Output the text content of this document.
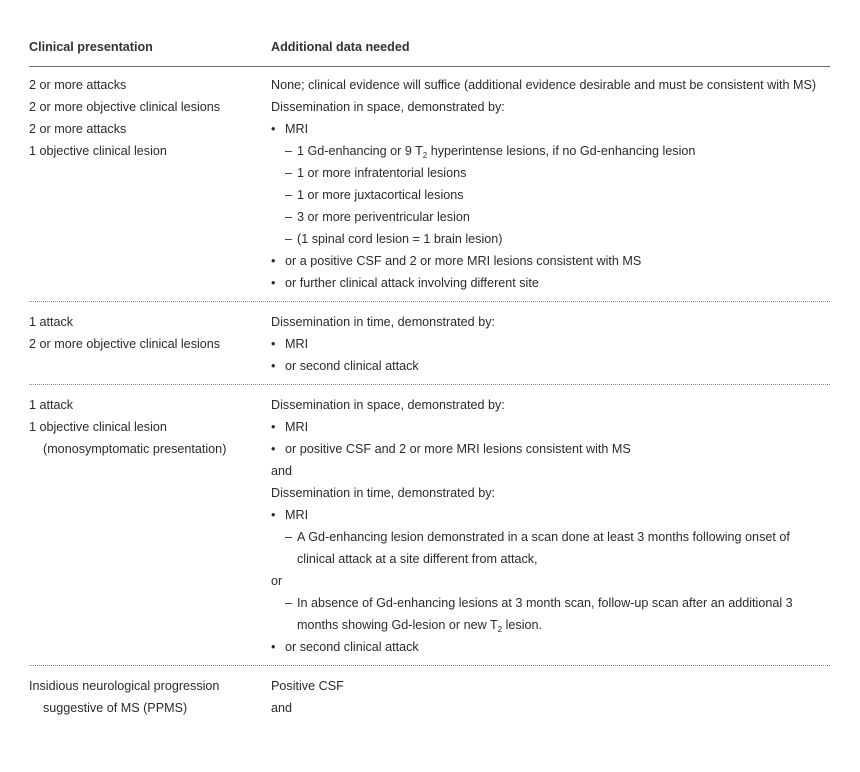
Clinical presentation	Additional data needed
2 or more attacks
2 or more objective clinical lesions
2 or more attacks
1 objective clinical lesion
None; clinical evidence will suffice (additional evidence desirable and must be consistent with MS)
Dissemination in space, demonstrated by:
• MRI
– 1 Gd-enhancing or 9 $T_2$ hyperintense lesions, if no Gd-enhancing lesion
– 1 or more infratentorial lesions
– 1 or more juxtacortical lesions
– 3 or more periventricular lesion
– (1 spinal cord lesion = 1 brain lesion)
• or a positive CSF and 2 or more MRI lesions consistent with MS
• or further clinical attack involving different site
1 attack
2 or more objective clinical lesions
Dissemination in time, demonstrated by:
• MRI
• or second clinical attack
1 attack
1 objective clinical lesion
(monosymptomatic presentation)
Dissemination in space, demonstrated by:
• MRI
• or positive CSF and 2 or more MRI lesions consistent with MS
and
Dissemination in time, demonstrated by:
• MRI
– A Gd-enhancing lesion demonstrated in a scan done at least 3 months following onset of
clinical attack at a site different from attack,
or
– In absence of Gd-enhancing lesions at 3 month scan, follow-up scan after an additional 3
months showing Gd-lesion or new $T_2$ lesion.
• or second clinical attack
Insidious neurological progression
suggestive of MS (PPMS)
Positive CSF
and
